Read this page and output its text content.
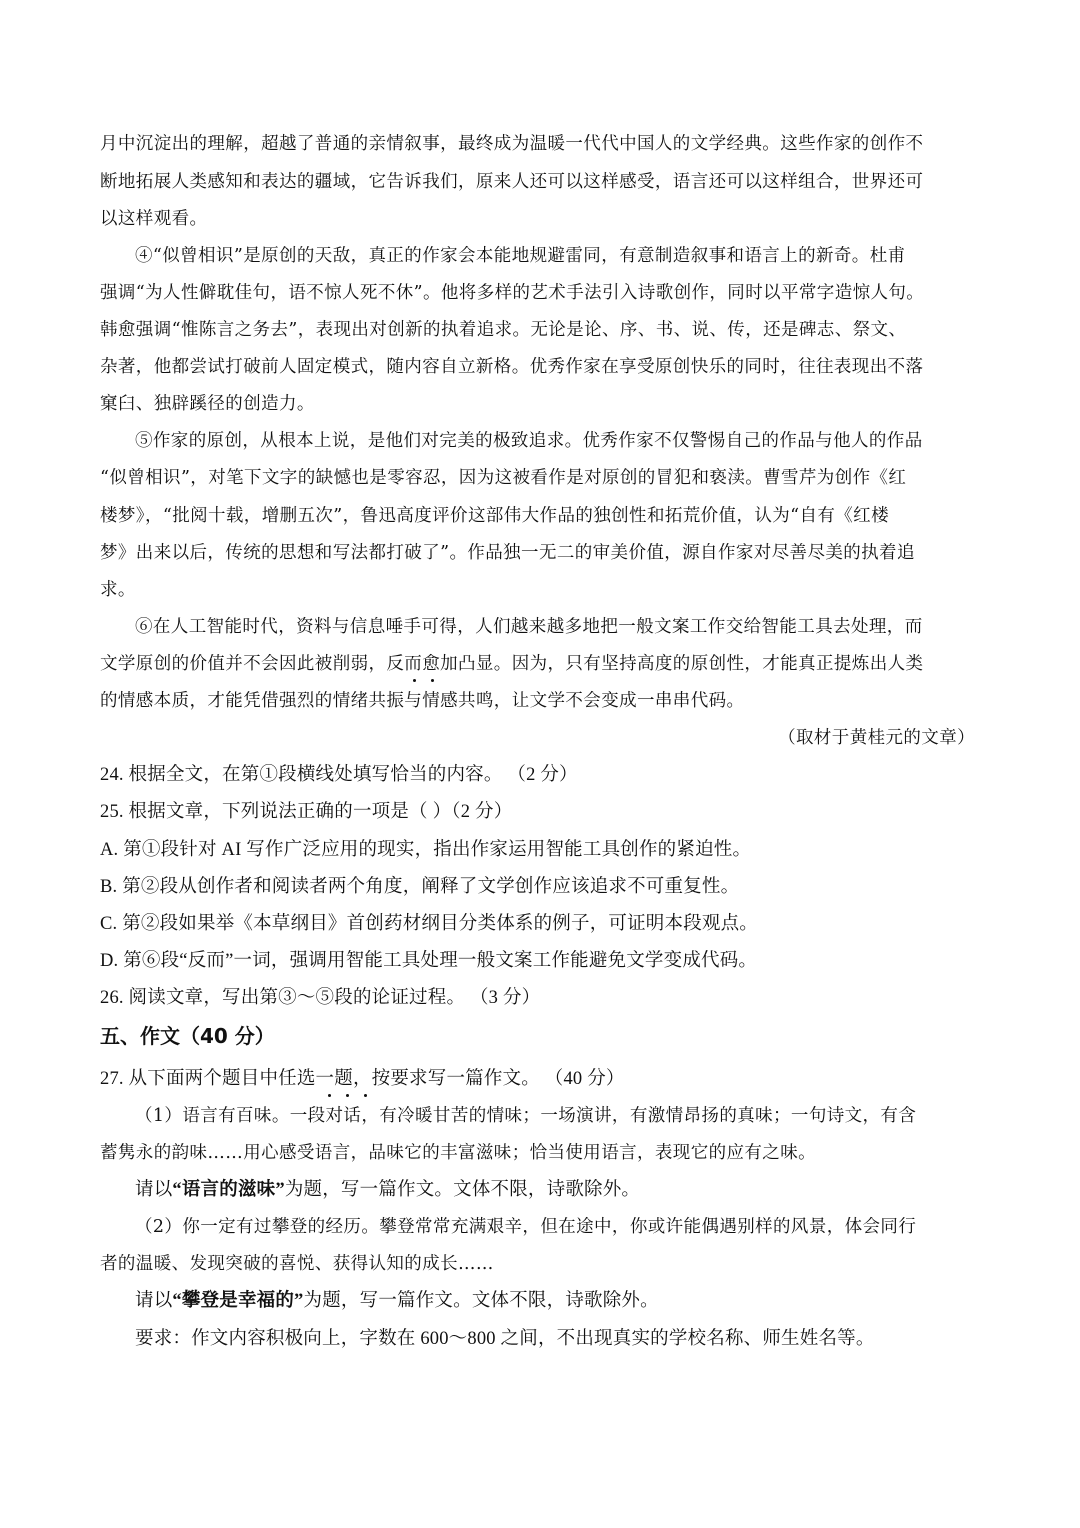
月中沉淀出的理解，超越了普通的亲情叙事，最终成为温暖一代代中国人的文学经典。这些作家的创作不

断地拓展人类感知和表达的疆域，它告诉我们，原来人还可以这样感受，语言还可以这样组合，世界还可

以这样观看。

④“似曾相识”是原创的天敌，真正的作家会本能地规避雷同，有意制造叙事和语言上的新奇。杜甫

强调“为人性僻耽佳句，语不惊人死不休”。他将多样的艺术手法引入诗歌创作，同时以平常字造惊人句。

韩愈强调“惟陈言之务去”，表现出对创新的执着追求。无论是论、序、书、说、传，还是碑志、祭文、

杂著，他都尝试打破前人固定模式，随内容自立新格。优秀作家在享受原创快乐的同时，往往表现出不落

窠臼、独辟蹊径的创造力。

⑤作家的原创，从根本上说，是他们对完美的极致追求。优秀作家不仅警惕自己的作品与他人的作品

“似曾相识”，对笔下文字的缺憾也是零容忍，因为这被看作是对原创的冒犯和亵渎。曹雪芹为创作《红

楼梦》，“批阅十载，增删五次”，鲁迅高度评价这部伟大作品的独创性和拓荒价值，认为“自有《红楼

梦》出来以后，传统的思想和写法都打破了”。作品独一无二的审美价值，源自作家对尽善尽美的执着追

求。

⑥在人工智能时代，资料与信息唾手可得，人们越来越多地把一般文案工作交给智能工具去处理，而

文学原创的价值并不会因此被削弱，反而愈加凸显。因为，只有坚持高度的原创性，才能真正提炼出人类

的情感本质，才能凭借强烈的情绪共振与情感共鸣，让文学不会变成一串串代码。

（取材于黄桂元的文章）

24. 根据全文，在第①段横线处填写恰当的内容。 （2 分）

25. 根据文章，下列说法正确的一项是（ ）（2 分）

A. 第①段针对 AI 写作广泛应用的现实，指出作家运用智能工具创作的紧迫性。

B. 第②段从创作者和阅读者两个角度，阐释了文学创作应该追求不可重复性。

C. 第②段如果举《本草纲目》首创药材纲目分类体系的例子，可证明本段观点。

D. 第⑥段“反而”一词，强调用智能工具处理一般文案工作能避免文学变成代码。

26. 阅读文章，写出第③～⑤段的论证过程。 （3 分）

五、作文（40 分）

27. 从下面两个题目中任选一题，按要求写一篇作文。 （40 分）

（1）语言有百味。一段对话，有冷暖甘苦的情味；一场演讲，有激情昂扬的真味；一句诗文，有含

蓄隽永的韵味……用心感受语言，品味它的丰富滋味；恰当使用语言，表现它的应有之味。

请以“语言的滋味”为题，写一篇作文。文体不限，诗歌除外。

（2）你一定有过攀登的经历。攀登常常充满艰辛，但在途中，你或许能偶遇别样的风景，体会同行

者的温暖、发现突破的喜悦、获得认知的成长……

请以“攀登是幸福的”为题，写一篇作文。文体不限，诗歌除外。

要求：作文内容积极向上，字数在 600～800 之间，不出现真实的学校名称、师生姓名等。
